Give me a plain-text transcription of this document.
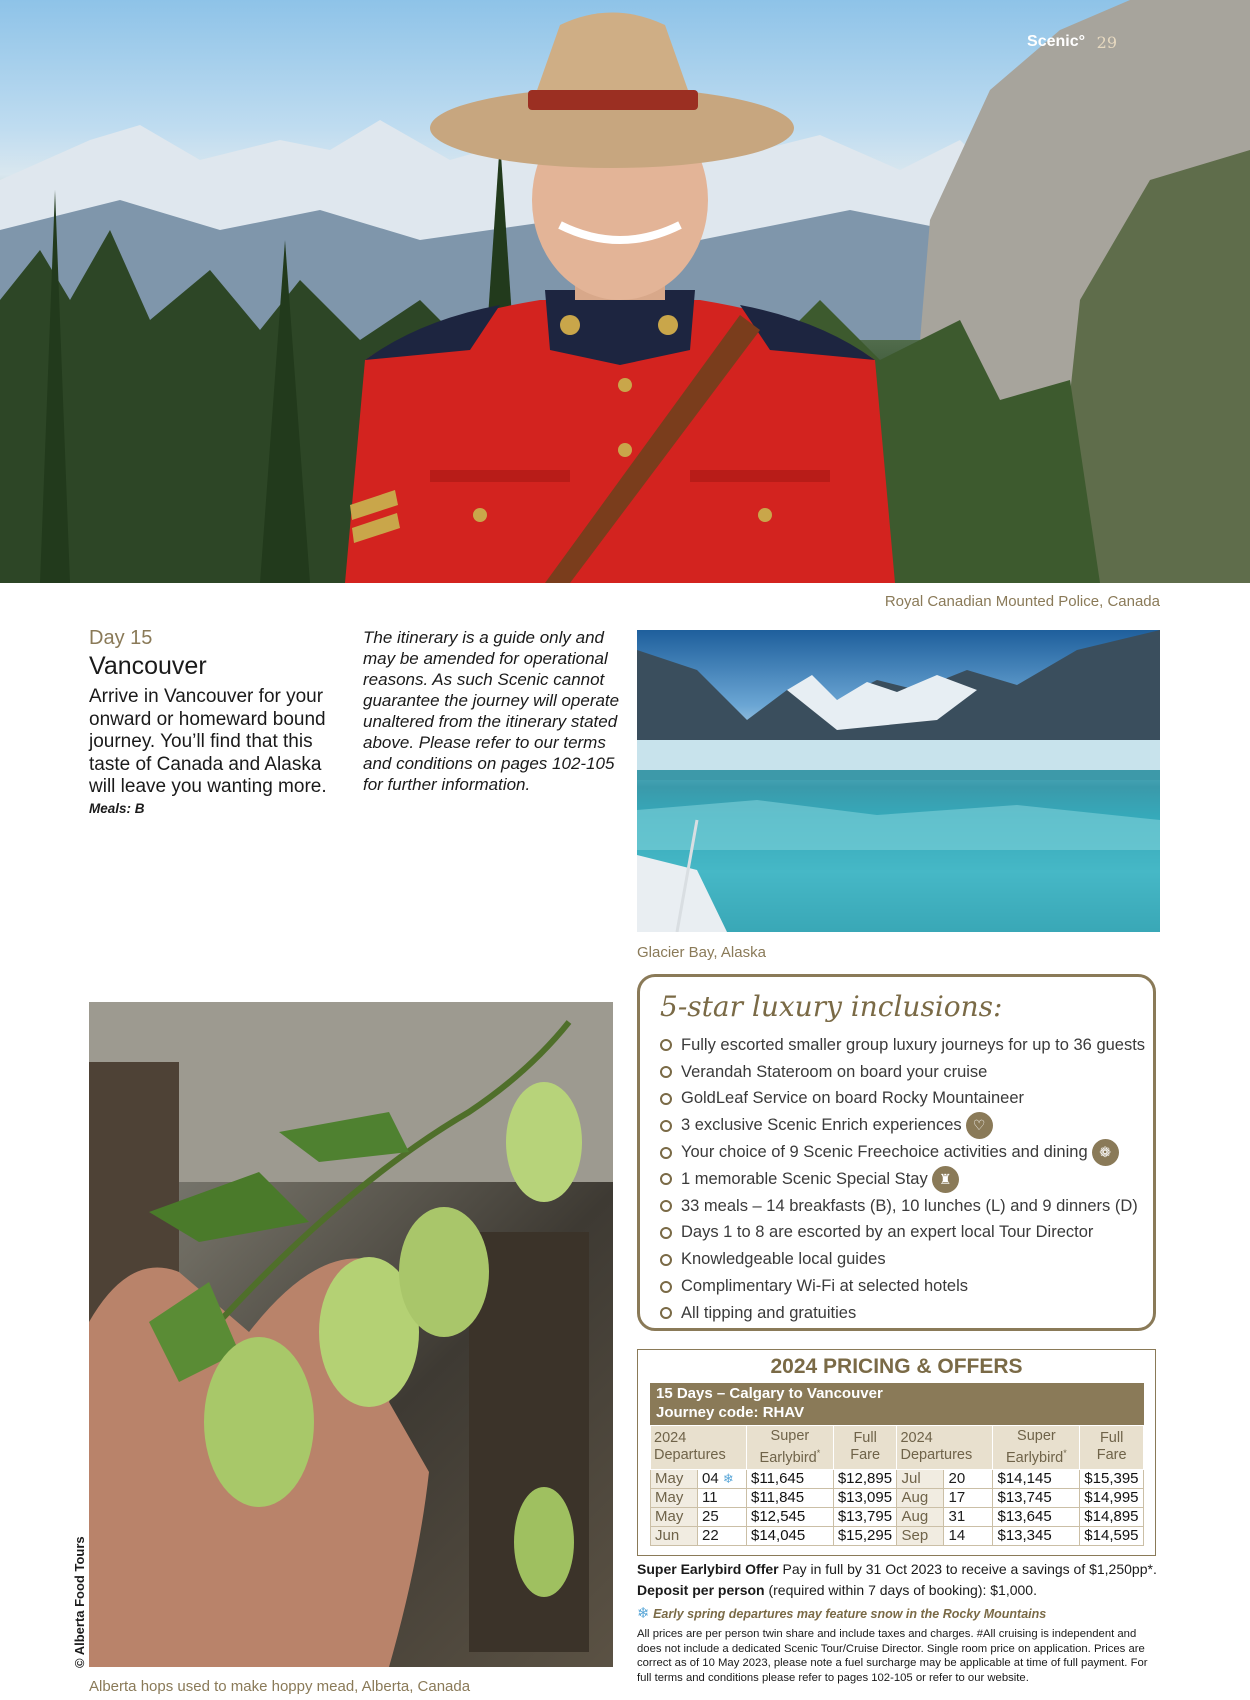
Scenic° 29
Royal Canadian Mounted Police, Canada
Day 15
Vancouver
Arrive in Vancouver for your onward or homeward bound journey. You’ll find that this taste of Canada and Alaska will leave you wanting more.
Meals: B
The itinerary is a guide only and may be amended for operational reasons. As such Scenic cannot guarantee the journey will operate unaltered from the itinerary stated above. Please refer to our terms and conditions on pages 102-105 for further information.
Glacier Bay, Alaska
© Alberta Food Tours
Alberta hops used to make hoppy mead, Alberta, Canada
5-star luxury inclusions:
Fully escorted smaller group luxury journeys for up to 36 guests
Verandah Stateroom on board your cruise
GoldLeaf Service on board Rocky Mountaineer
3 exclusive Scenic Enrich experiences ♡
Your choice of 9 Scenic Freechoice activities and dining ❁
1 memorable Scenic Special Stay ♜
33 meals – 14 breakfasts (B), 10 lunches (L) and 9 dinners (D)
Days 1 to 8 are escorted by an expert local Tour Director
Knowledgeable local guides
Complimentary Wi-Fi at selected hotels
All tipping and gratuities
2024 PRICING & OFFERS
15 Days – Calgary to Vancouver
Journey code: RHAV
2024 Departures		Super Earlybird*	Full Fare	2024 Departures		Super Earlybird*	Full Fare
May	04 ❄	$11,645	$12,895	Jul	20	$14,145	$15,395
May	11	$11,845	$13,095	Aug	17	$13,745	$14,995
May	25	$12,545	$13,795	Aug	31	$13,645	$14,895
Jun	22	$14,045	$15,295	Sep	14	$13,345	$14,595
Super Earlybird Offer Pay in full by 31 Oct 2023 to receive a savings of $1,250pp*.
Deposit per person (required within 7 days of booking): $1,000.
❄ Early spring departures may feature snow in the Rocky Mountains
All prices are per person twin share and include taxes and charges. #All cruising is independent and does not include a dedicated Scenic Tour/Cruise Director. Single room price on application. Prices are correct as of 10 May 2023, please note a fuel surcharge may be applicable at time of full payment. For full terms and conditions please refer to pages 102-105 or refer to our website.
